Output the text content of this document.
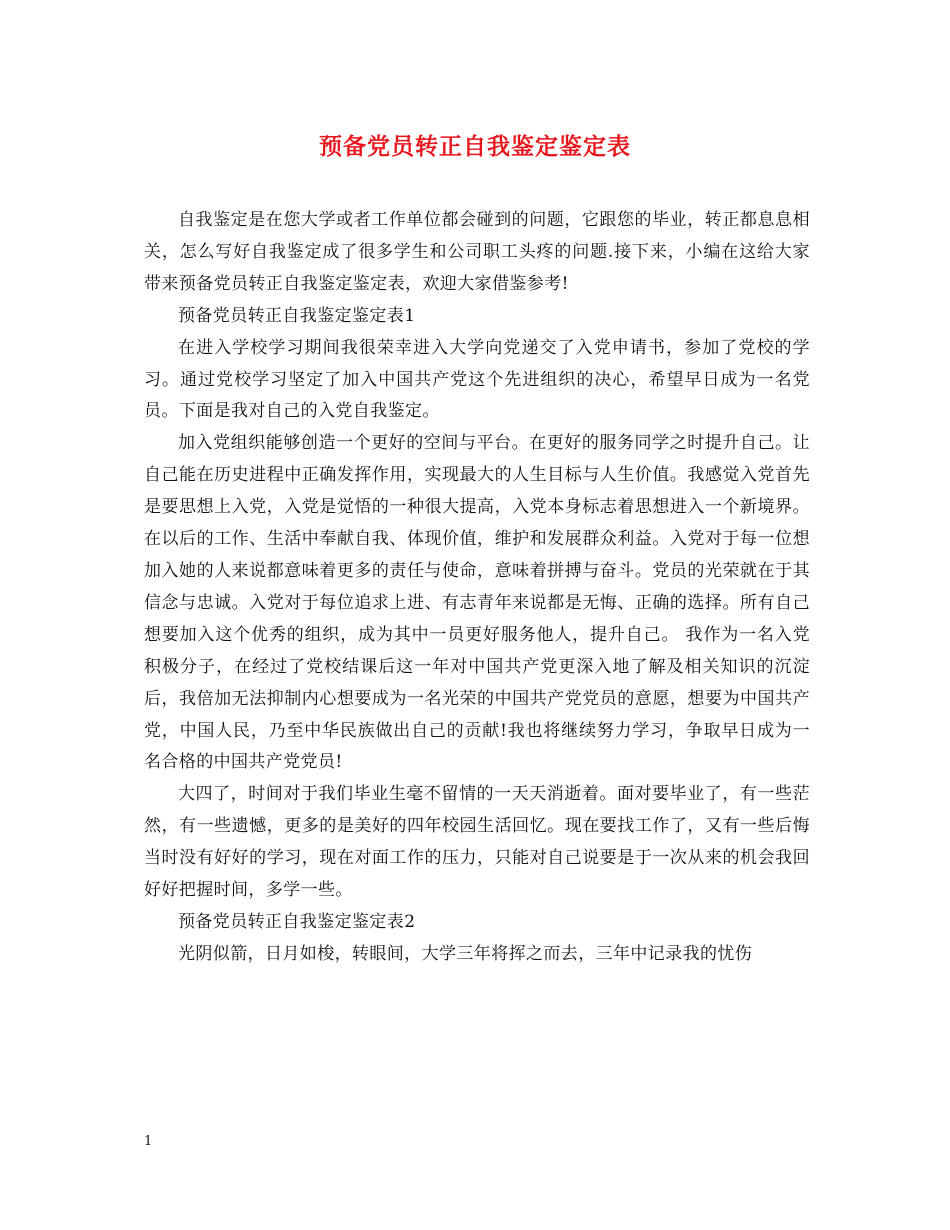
预备党员转正自我鉴定鉴定表

自我鉴定是在您大学或者工作单位都会碰到的问题，它跟您的毕业，转正都息息相关，怎么写好自我鉴定成了很多学生和公司职工头疼的问题.接下来，小编在这给大家带来预备党员转正自我鉴定鉴定表，欢迎大家借鉴参考!

预备党员转正自我鉴定鉴定表1

在进入学校学习期间我很荣幸进入大学向党递交了入党申请书，参加了党校的学习。通过党校学习坚定了加入中国共产党这个先进组织的决心，希望早日成为一名党员。下面是我对自己的入党自我鉴定。

加入党组织能够创造一个更好的空间与平台。在更好的服务同学之时提升自己。让自己能在历史进程中正确发挥作用，实现最大的人生目标与人生价值。我感觉入党首先是要思想上入党，入党是觉悟的一种很大提高，入党本身标志着思想进入一个新境界。在以后的工作、生活中奉献自我、体现价值，维护和发展群众利益。入党对于每一位想加入她的人来说都意味着更多的责任与使命，意味着拼搏与奋斗。党员的光荣就在于其信念与忠诚。入党对于每位追求上进、有志青年来说都是无悔、正确的选择。所有自己想要加入这个优秀的组织，成为其中一员更好服务他人，提升自己。 我作为一名入党积极分子，在经过了党校结课后这一年对中国共产党更深入地了解及相关知识的沉淀后，我倍加无法抑制内心想要成为一名光荣的中国共产党党员的意愿，想要为中国共产党，中国人民，乃至中华民族做出自己的贡献!我也将继续努力学习，争取早日成为一名合格的中国共产党党员!

大四了，时间对于我们毕业生毫不留情的一天天消逝着。面对要毕业了，有一些茫然，有一些遗憾，更多的是美好的四年校园生活回忆。现在要找工作了，又有一些后悔当时没有好好的学习，现在对面工作的压力，只能对自己说要是于一次从来的机会我回好好把握时间，多学一些。

预备党员转正自我鉴定鉴定表2

光阴似箭，日月如梭，转眼间，大学三年将挥之而去，三年中记录我的忧伤

1
